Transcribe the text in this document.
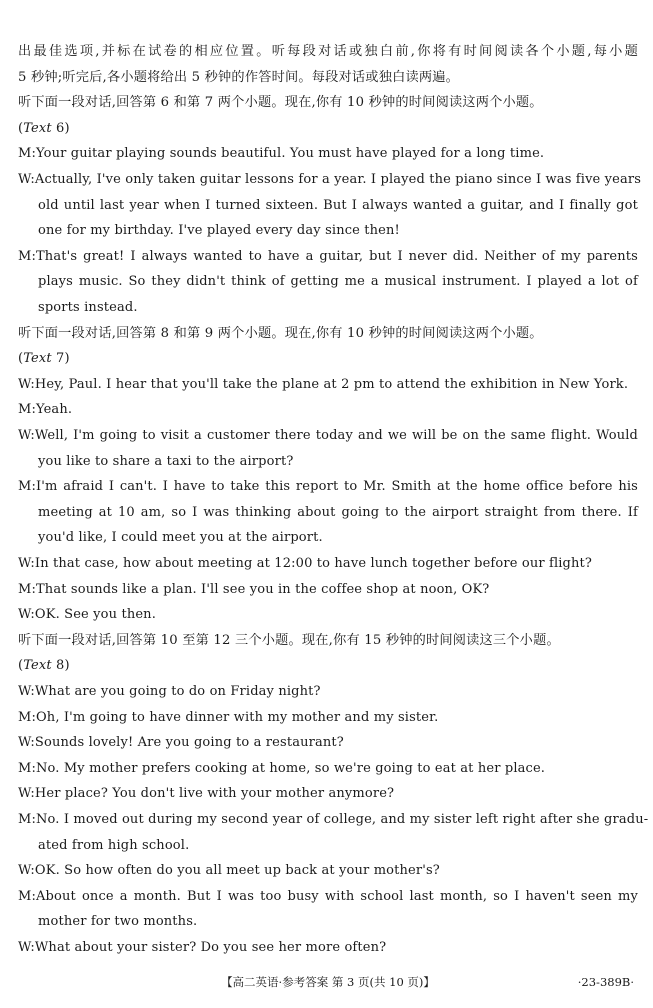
出最佳选项,并标在试卷的相应位置。听每段对话或独白前,你将有时间阅读各个小题,每小题
5 秒钟;听完后,各小题将给出 5 秒钟的作答时间。每段对话或独白读两遍。
听下面一段对话,回答第 6 和第 7 两个小题。现在,你有 10 秒钟的时间阅读这两个小题。
(Text 6)
M:Your guitar playing sounds beautiful. You must have played for a long time.
W:Actually, I've only taken guitar lessons for a year. I played the piano since I was five years
old until last year when I turned sixteen. But I always wanted a guitar, and I finally got
one for my birthday. I've played every day since then!
M:That's great! I always wanted to have a guitar, but I never did. Neither of my parents
plays music. So they didn't think of getting me a musical instrument. I played a lot of
sports instead.
听下面一段对话,回答第 8 和第 9 两个小题。现在,你有 10 秒钟的时间阅读这两个小题。
(Text 7)
W:Hey, Paul. I hear that you'll take the plane at 2 pm to attend the exhibition in New York.
M:Yeah.
W:Well, I'm going to visit a customer there today and we will be on the same flight. Would
you like to share a taxi to the airport?
M:I'm afraid I can't. I have to take this report to Mr. Smith at the home office before his
meeting at 10 am, so I was thinking about going to the airport straight from there. If
you'd like, I could meet you at the airport.
W:In that case, how about meeting at 12:00 to have lunch together before our flight?
M:That sounds like a plan. I'll see you in the coffee shop at noon, OK?
W:OK. See you then.
听下面一段对话,回答第 10 至第 12 三个小题。现在,你有 15 秒钟的时间阅读这三个小题。
(Text 8)
W:What are you going to do on Friday night?
M:Oh, I'm going to have dinner with my mother and my sister.
W:Sounds lovely! Are you going to a restaurant?
M:No. My mother prefers cooking at home, so we're going to eat at her place.
W:Her place? You don't live with your mother anymore?
M:No. I moved out during my second year of college, and my sister left right after she gradu-
ated from high school.
W:OK. So how often do you all meet up back at your mother's?
M:About once a month. But I was too busy with school last month, so I haven't seen my
mother for two months.
W:What about your sister? Do you see her more often?
【高二英语·参考答案 第 3 页(共 10 页)】	·23-389B·
